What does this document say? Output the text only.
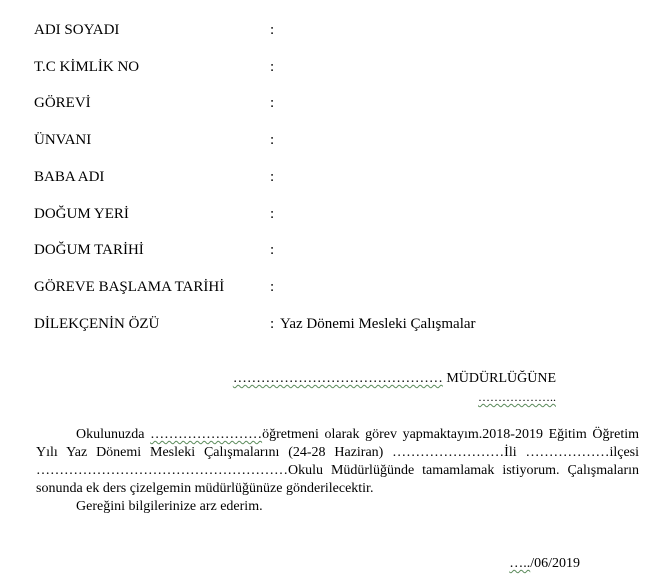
ADI SOYADI	:
T.C KİMLİK NO	:
GÖREVİ	:
ÜNVANI	:
BABA ADI	:
DOĞUM YERİ	:
DOĞUM TARİHİ	:
GÖREVE BAŞLAMA TARİHİ	:
DİLEKÇENİN ÖZÜ	: Yaz Dönemi Mesleki Çalışmalar
……………………………………… MÜDÜRLÜĞÜNE
………………..

Okulunuzda ……………………öğretmeni olarak görev yapmaktayım.2018-2019 Eğitim Öğretim Yılı Yaz Dönemi Mesleki Çalışmalarını (24-28 Haziran) ……………………İli ………………ilçesi ………………………………………………Okulu Müdürlüğünde tamamlamak istiyorum. Çalışmaların sonunda ek ders çizelgemin müdürlüğünüze gönderilecektir.

Gereğini bilgilerinize arz ederim.

…../06/2019
